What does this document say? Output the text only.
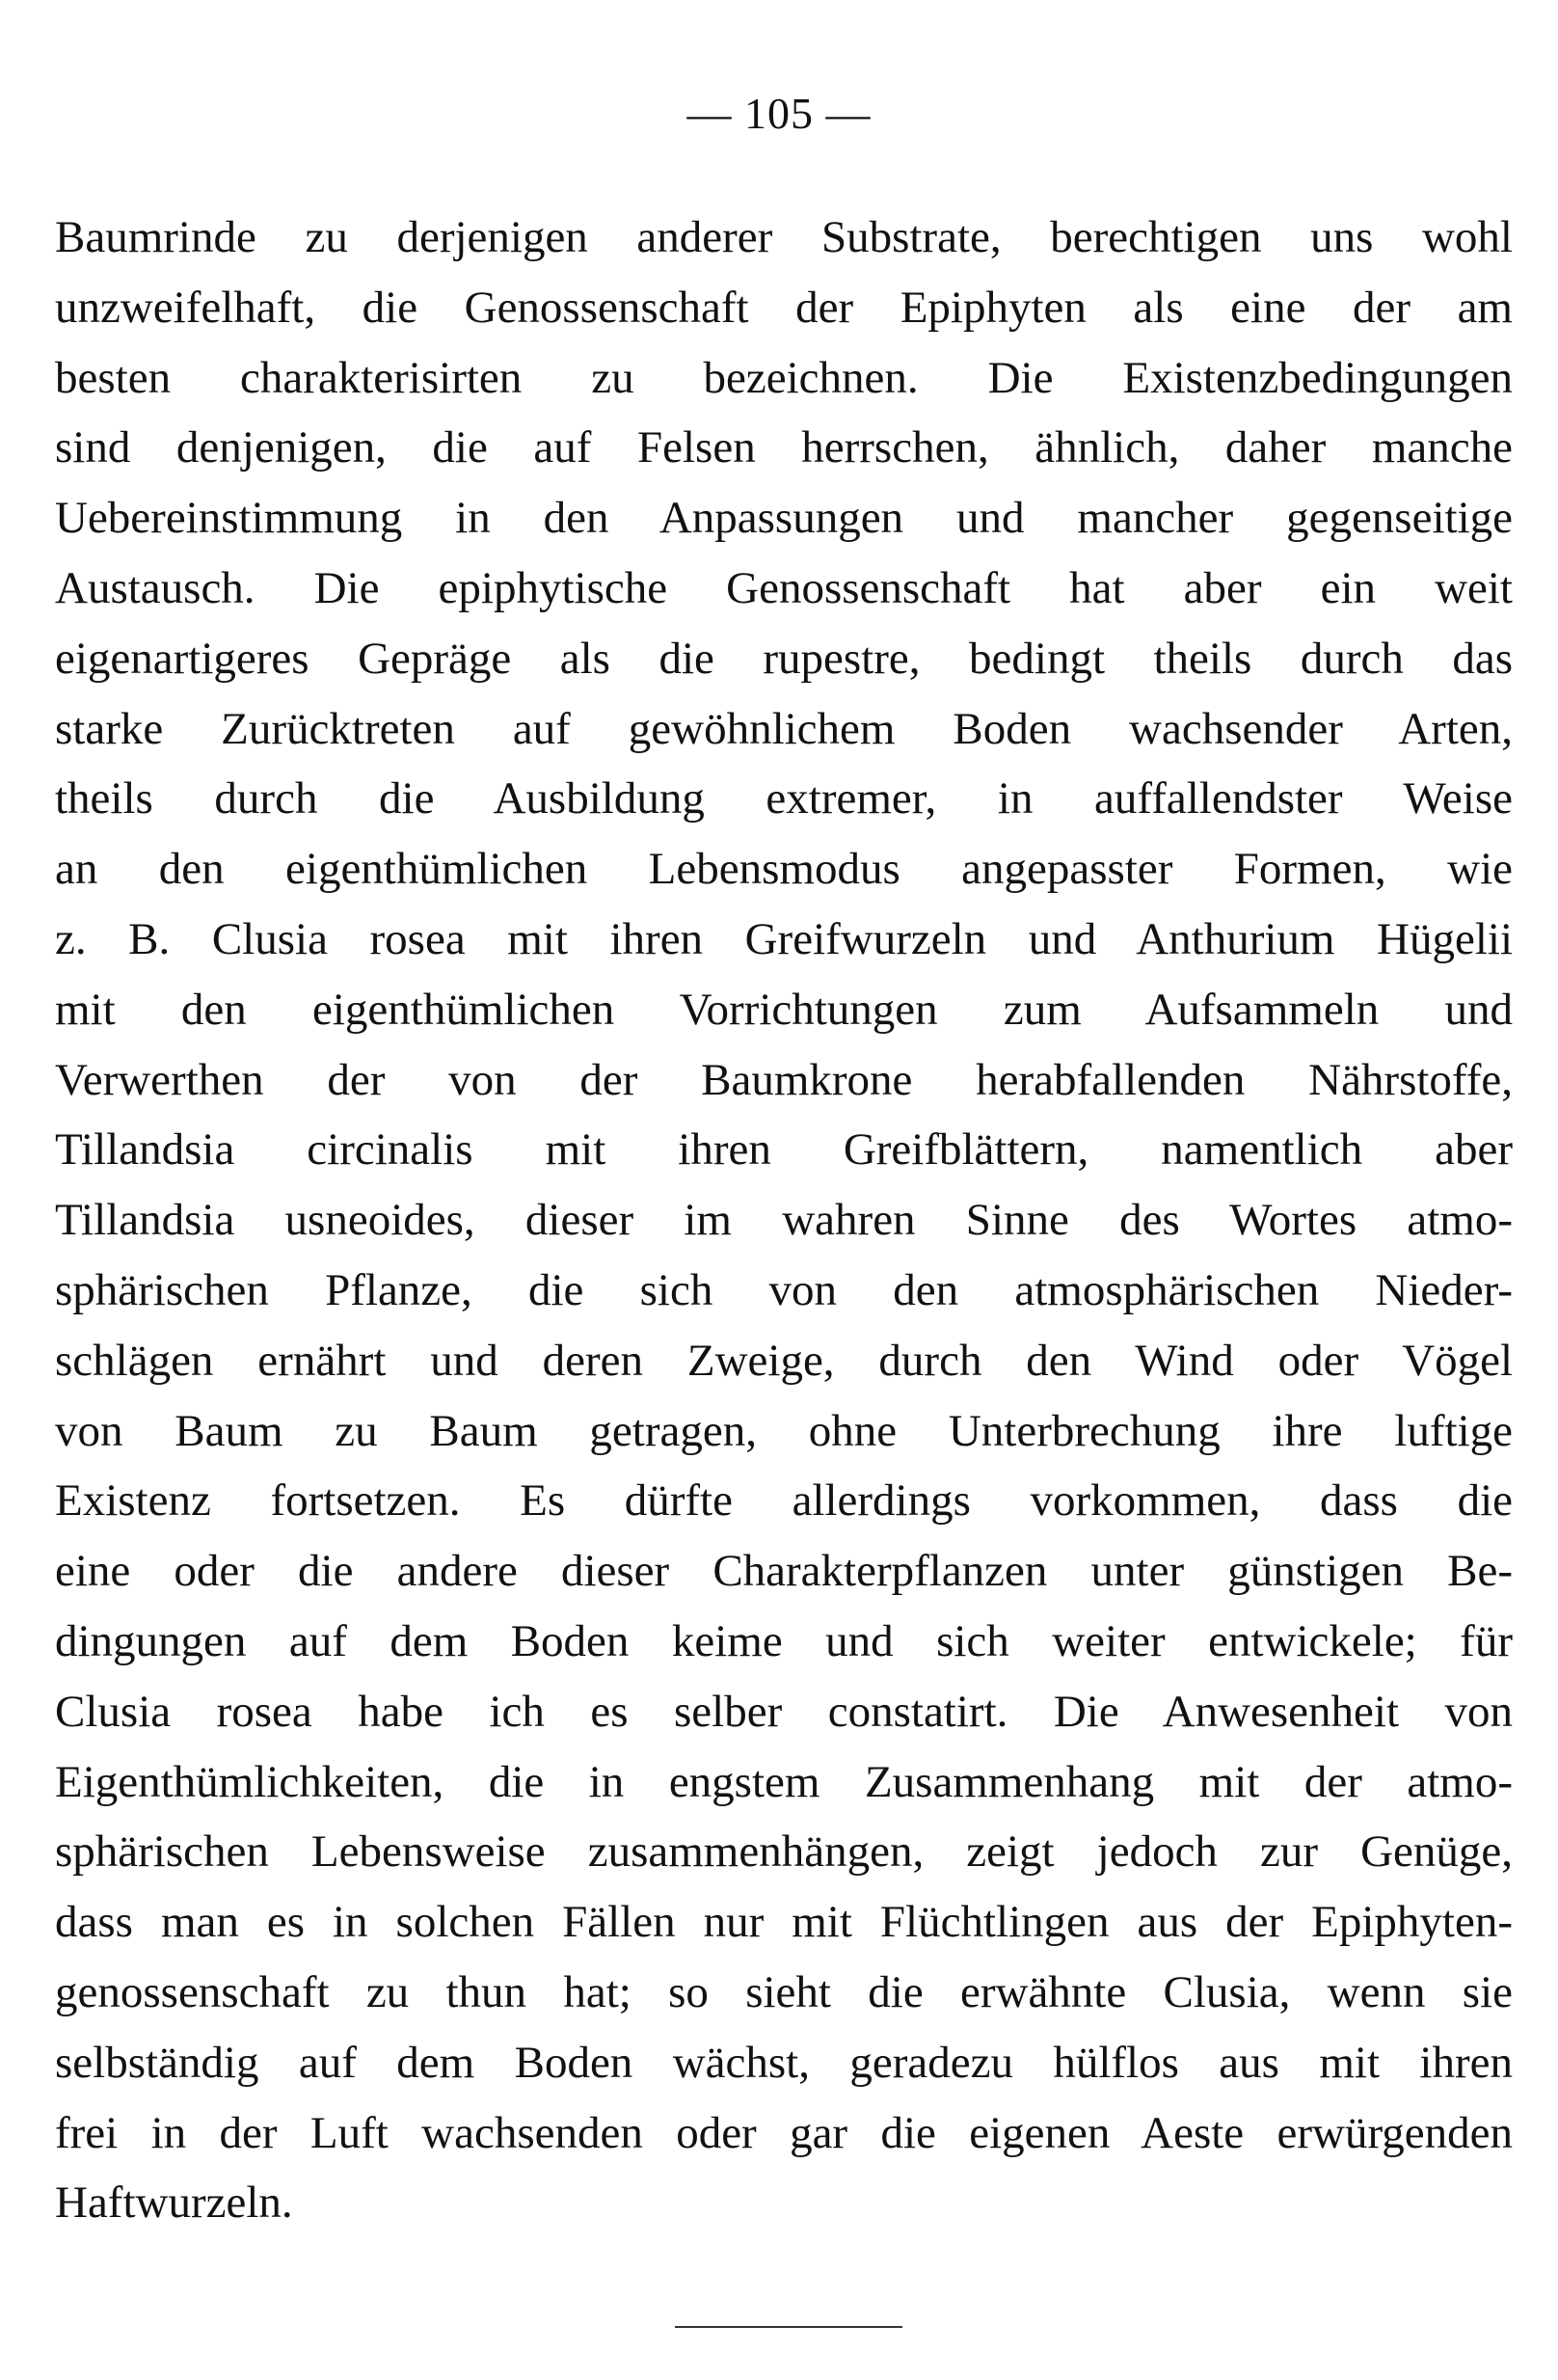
— 105 —
Baumrinde zu derjenigen anderer Substrate, berechtigen uns wohl
unzweifelhaft, die Genossenschaft der Epiphyten als eine der am
besten charakterisirten zu bezeichnen. Die Existenzbedingungen
sind denjenigen, die auf Felsen herrschen, ähnlich, daher manche
Uebereinstimmung in den Anpassungen und mancher gegenseitige
Austausch. Die epiphytische Genossenschaft hat aber ein weit
eigenartigeres Gepräge als die rupestre, bedingt theils durch das
starke Zurücktreten auf gewöhnlichem Boden wachsender Arten,
theils durch die Ausbildung extremer, in auffallendster Weise
an den eigenthümlichen Lebensmodus angepasster Formen, wie
z. B. Clusia rosea mit ihren Greifwurzeln und Anthurium Hügelii
mit den eigenthümlichen Vorrichtungen zum Aufsammeln und
Verwerthen der von der Baumkrone herabfallenden Nährstoffe,
Tillandsia circinalis mit ihren Greifblättern, namentlich aber
Tillandsia usneoides, dieser im wahren Sinne des Wortes atmo-
sphärischen Pflanze, die sich von den atmosphärischen Nieder-
schlägen ernährt und deren Zweige, durch den Wind oder Vögel
von Baum zu Baum getragen, ohne Unterbrechung ihre luftige
Existenz fortsetzen. Es dürfte allerdings vorkommen, dass die
eine oder die andere dieser Charakterpflanzen unter günstigen Be-
dingungen auf dem Boden keime und sich weiter entwickele; für
Clusia rosea habe ich es selber constatirt. Die Anwesenheit von
Eigenthümlichkeiten, die in engstem Zusammenhang mit der atmo-
sphärischen Lebensweise zusammenhängen, zeigt jedoch zur Genüge,
dass man es in solchen Fällen nur mit Flüchtlingen aus der Epiphyten-
genossenschaft zu thun hat; so sieht die erwähnte Clusia, wenn sie
selbständig auf dem Boden wächst, geradezu hülflos aus mit ihren
frei in der Luft wachsenden oder gar die eigenen Aeste erwürgenden
Haftwurzeln.
